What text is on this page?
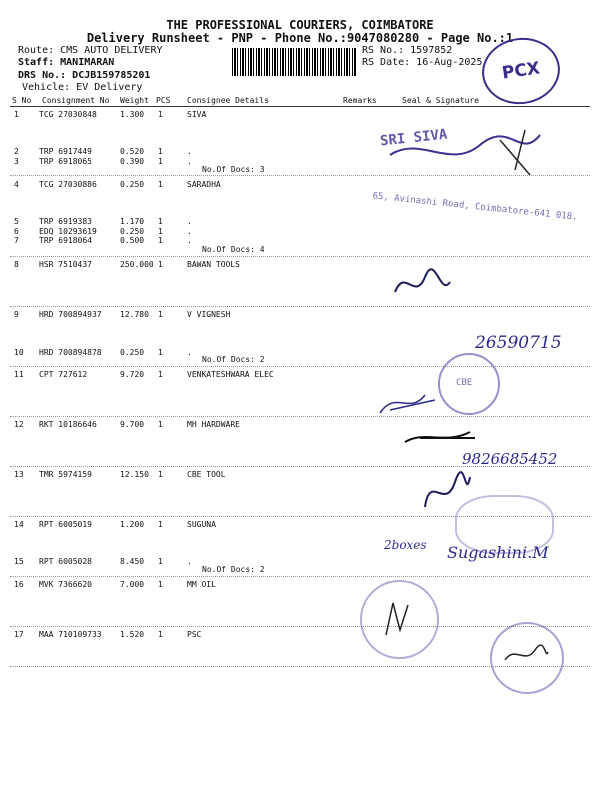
THE PROFESSIONAL COURIERS, COIMBATORE
Delivery Runsheet - PNP - Phone No.:9047080280 - Page No.:1
Route: CMS AUTO DELIVERY
Staff: MANIMARAN
DRS No.: DCJB159785201
Vehicle: EV Delivery
RS No.: 1597852
RS Date: 16-Aug-2025	PCX
S No Consignment No Weight PCS Consignee Details	Remarks	Seal & Signature
1	TCG 27030848	1.300 1	SIVA
2	TRP 6917449	0.520 1	.
3	TRP 6918065	0.390 1	.
4	TCG 27030886	0.250 1	SARADHA
5	TRP 6919383	1.170 1	.
6	EDQ 10293619	0.250 1	.
7	TRP 6918064	0.500 1	.
8	HSR 7510437	250.000 1	BAWAN TOOLS
9	HRD 700894937 12.780 1	V VIGNESH
10 HRD 700894878 0.250 1	.
11 CPT 727612	9.720 1	VENKATESHWARA ELEC
12 RKT 10186646	9.700 1	MH HARDWARE
13 TMR 5974159	12.150 1	CBE TOOL
14 RPT 6005019	1.200 1	SUGUNA
15 RPT 6005028	8.450 1	.
16 MVK 7366620	7.000 1	MM OIL
17 MAA 710109733 1.520 1	PSC
No.Of Docs: 3
No.Of Docs: 4
No.Of Docs: 2
No.Of Docs: 2
SRI SIVA
65, Avinashi Road, Coimbatore-641 018.
26590715
CBE
9826685452
2boxes Sugashini.M
